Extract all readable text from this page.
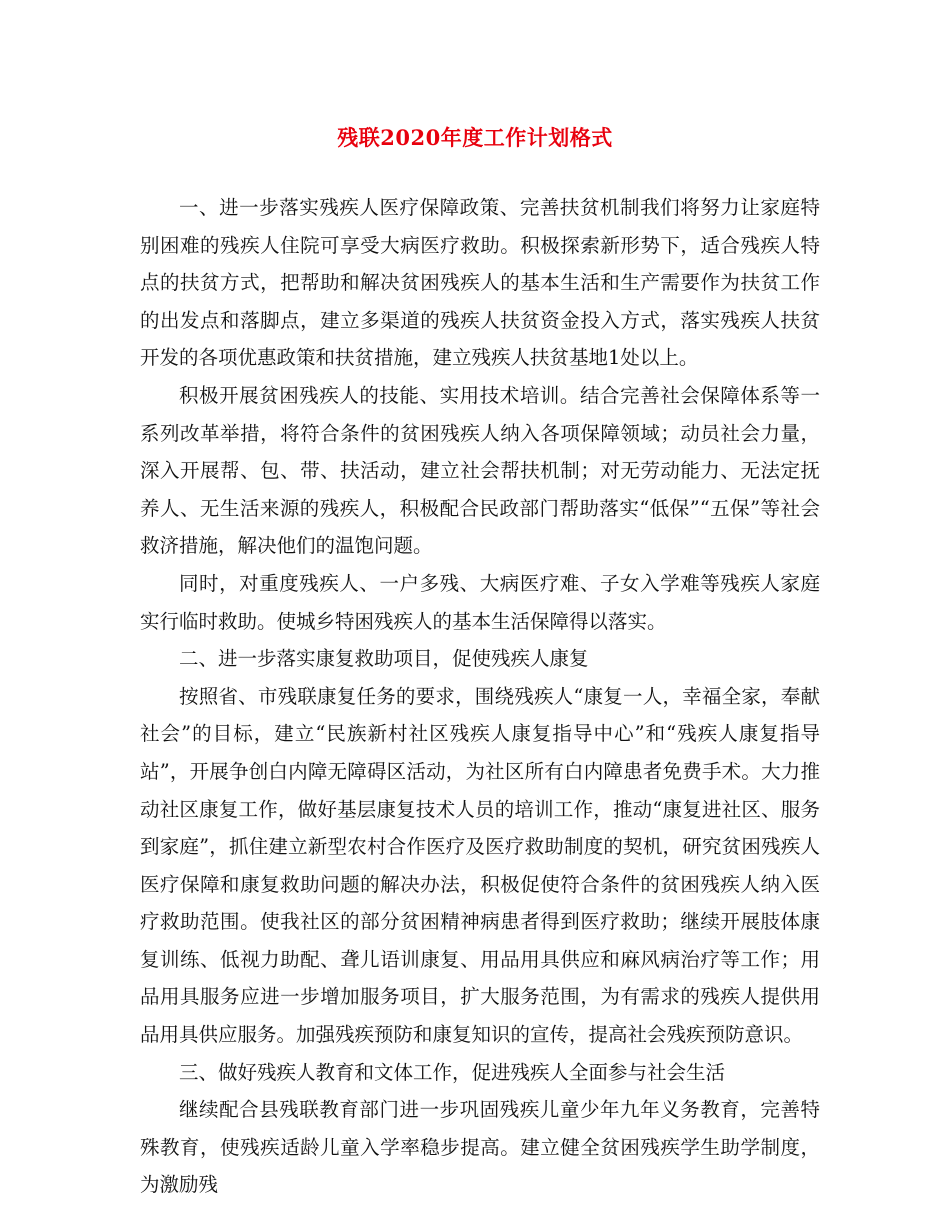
残联2020年度工作计划格式

一、进一步落实残疾人医疗保障政策、完善扶贫机制我们将努力让家庭特别困难的残疾人住院可享受大病医疗救助。积极探索新形势下，适合残疾人特点的扶贫方式，把帮助和解决贫困残疾人的基本生活和生产需要作为扶贫工作的出发点和落脚点，建立多渠道的残疾人扶贫资金投入方式，落实残疾人扶贫开发的各项优惠政策和扶贫措施，建立残疾人扶贫基地1处以上。

积极开展贫困残疾人的技能、实用技术培训。结合完善社会保障体系等一系列改革举措，将符合条件的贫困残疾人纳入各项保障领域；动员社会力量，深入开展帮、包、带、扶活动，建立社会帮扶机制；对无劳动能力、无法定抚养人、无生活来源的残疾人，积极配合民政部门帮助落实“低保”“五保”等社会救济措施，解决他们的温饱问题。

同时，对重度残疾人、一户多残、大病医疗难、子女入学难等残疾人家庭实行临时救助。使城乡特困残疾人的基本生活保障得以落实。

二、进一步落实康复救助项目，促使残疾人康复

按照省、市残联康复任务的要求，围绕残疾人“康复一人，幸福全家，奉献社会”的目标，建立“民族新村社区残疾人康复指导中心”和“残疾人康复指导站”，开展争创白内障无障碍区活动，为社区所有白内障患者免费手术。大力推动社区康复工作，做好基层康复技术人员的培训工作，推动“康复进社区、服务到家庭”，抓住建立新型农村合作医疗及医疗救助制度的契机，研究贫困残疾人医疗保障和康复救助问题的解决办法，积极促使符合条件的贫困残疾人纳入医疗救助范围。使我社区的部分贫困精神病患者得到医疗救助；继续开展肢体康复训练、低视力助配、聋儿语训康复、用品用具供应和麻风病治疗等工作；用品用具服务应进一步增加服务项目，扩大服务范围，为有需求的残疾人提供用品用具供应服务。加强残疾预防和康复知识的宣传，提高社会残疾预防意识。

三、做好残疾人教育和文体工作，促进残疾人全面参与社会生活

继续配合县残联教育部门进一步巩固残疾儿童少年九年义务教育，完善特殊教育，使残疾适龄儿童入学率稳步提高。建立健全贫困残疾学生助学制度，为激励残
